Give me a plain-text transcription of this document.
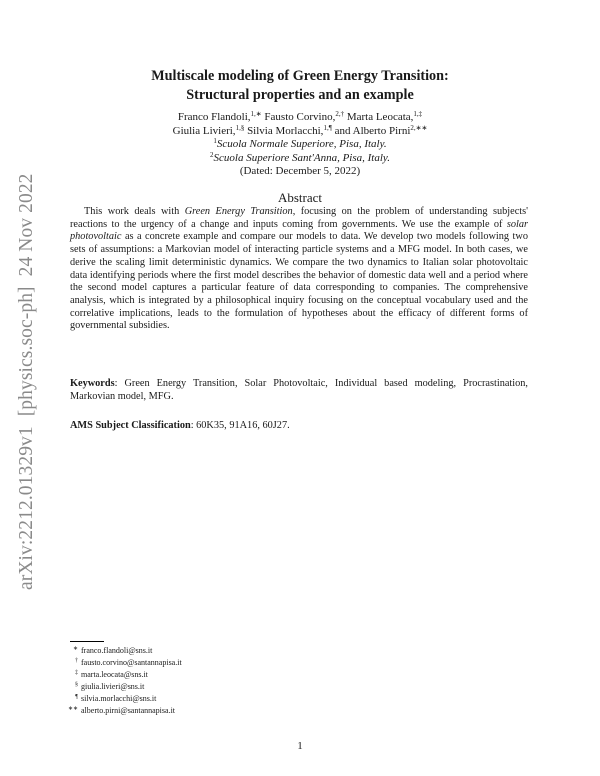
arXiv:2212.01329v1  [physics.soc-ph]  24 Nov 2022
Multiscale modeling of Green Energy Transition:
Structural properties and an example
Franco Flandoli,$^{1,∗}$ Fausto Corvino,$^{2,\dagger}$ Marta Leocata,$^{1,\ddagger}$
Giulia Livieri,$^{1,\S}$ Silvia Morlacchi,$^{1,\P}$ and Alberto Pirni$^{2,∗∗}$
$^1$Scuola Normale Superiore, Pisa, Italy.
$^2$Scuola Superiore Sant'Anna, Pisa, Italy.
(Dated: December 5, 2022)
Abstract
This work deals with Green Energy Transition, focusing on the problem of understanding subjects' reactions to the urgency of a change and inputs coming from governments. We use the example of solar photovoltaic as a concrete example and compare our models to data. We develop two models following two sets of assumptions: a Markovian model of interacting particle systems and a MFG model. In both cases, we derive the scaling limit deterministic dynamics. We compare the two dynamics to Italian solar photovoltaic data identifying periods where the first model describes the behavior of domestic data well and a period where the second model captures a particular feature of data corresponding to companies. The comprehensive analysis, which is integrated by a philosophical inquiry focusing on the conceptual vocabulary used and the correlative implications, leads to the formulation of hypotheses about the efficacy of different forms of governmental subsidies.
Keywords: Green Energy Transition, Solar Photovoltaic, Individual based modeling, Procrastination, Markovian model, MFG.
AMS Subject Classification: 60K35, 91A16, 60J27.
∗ franco.flandoli@sns.it
† fausto.corvino@santannapisa.it
‡ marta.leocata@sns.it
§ giulia.livieri@sns.it
¶ silvia.morlacchi@sns.it
∗∗ alberto.pirni@santannapisa.it
1
